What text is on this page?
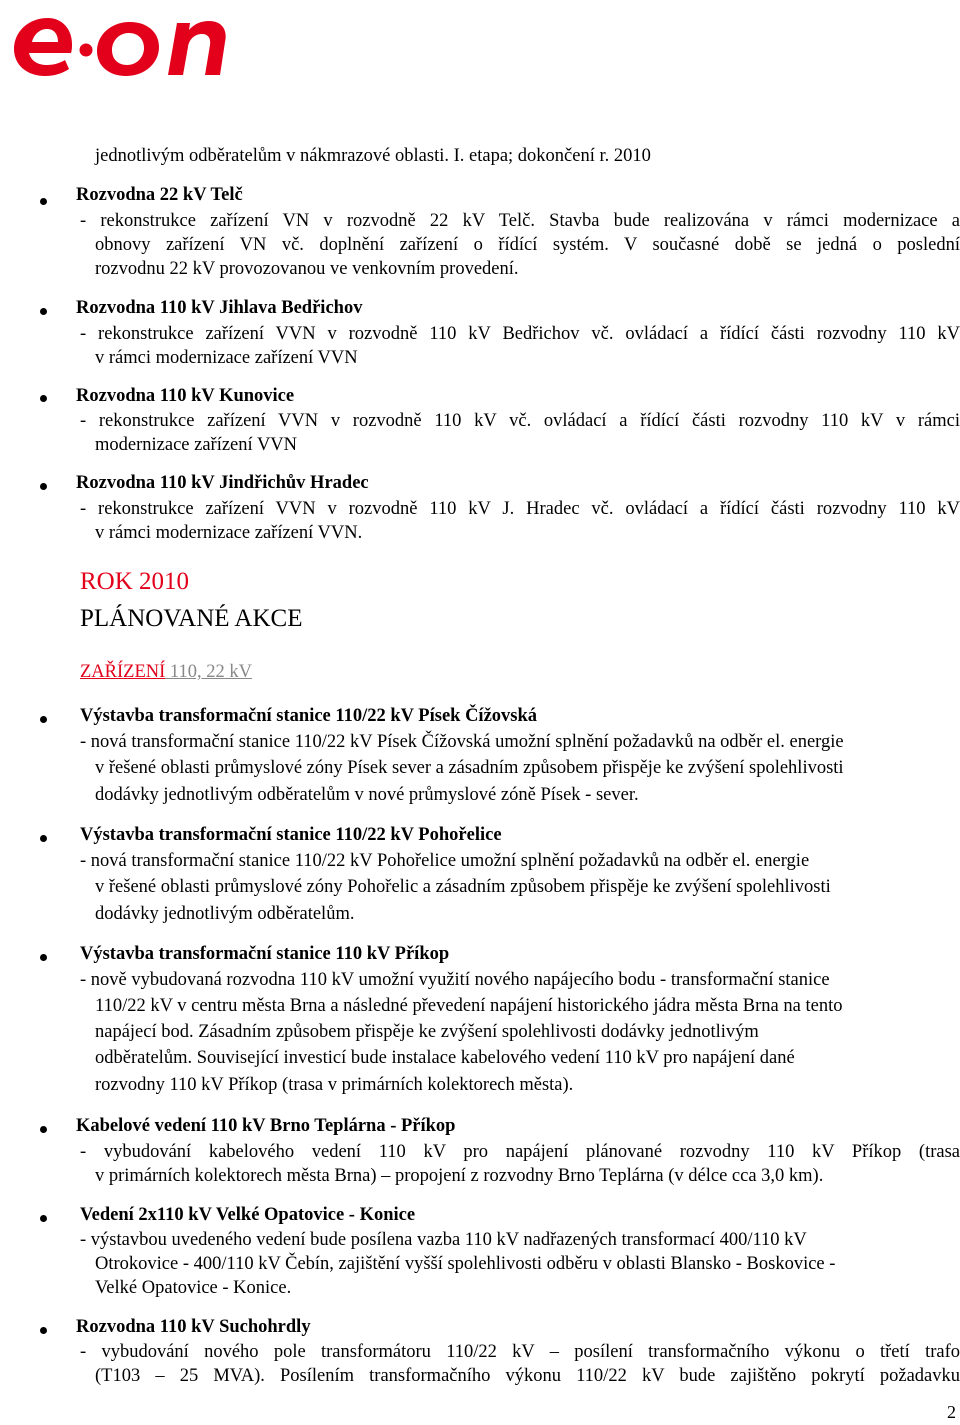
jednotlivým odběratelům v nákmrazové oblasti. I. etapa; dokončení r. 2010
Rozvodna 22 kV Telč
- rekonstrukce zařízení VN v rozvodně 22 kV Telč. Stavba bude realizována v rámci modernizace a
obnovy zařízení VN vč. doplnění zařízení o řídící systém. V současné době se jedná o poslední
rozvodnu 22 kV provozovanou ve venkovním provedení.
Rozvodna 110 kV Jihlava Bedřichov
- rekonstrukce zařízení VVN v rozvodně 110 kV Bedřichov vč. ovládací a řídící části rozvodny 110 kV
v rámci modernizace zařízení VVN
Rozvodna 110 kV Kunovice
- rekonstrukce zařízení VVN v rozvodně 110 kV vč. ovládací a řídící části rozvodny 110 kV v rámci
modernizace zařízení VVN
Rozvodna 110 kV Jindřichův Hradec
- rekonstrukce zařízení VVN v rozvodně 110 kV J. Hradec vč. ovládací a řídící části rozvodny 110 kV
v rámci modernizace zařízení VVN.
ROK 2010
PLÁNOVANÉ AKCE
ZAŘÍZENÍ 110, 22 kV
Výstavba transformační stanice 110/22 kV Písek Čížovská
- nová transformační stanice 110/22 kV Písek Čížovská umožní splnění požadavků na odběr el. energie
v řešené oblasti průmyslové zóny Písek sever a zásadním způsobem přispěje ke zvýšení spolehlivosti
dodávky jednotlivým odběratelům v nové průmyslové zóně Písek - sever.
Výstavba transformační stanice 110/22 kV Pohořelice
- nová transformační stanice 110/22 kV Pohořelice umožní splnění požadavků na odběr el. energie
v řešené oblasti průmyslové zóny Pohořelic a zásadním způsobem přispěje ke zvýšení spolehlivosti
dodávky jednotlivým odběratelům.
Výstavba transformační stanice 110 kV Příkop
- nově vybudovaná rozvodna 110 kV umožní využití nového napájecího bodu - transformační stanice
110/22 kV v centru města Brna a následné převedení napájení historického jádra města Brna na tento
napájecí bod. Zásadním způsobem přispěje ke zvýšení spolehlivosti dodávky jednotlivým
odběratelům. Související investicí bude instalace kabelového vedení 110 kV pro napájení dané
rozvodny 110 kV Příkop (trasa v primárních kolektorech města).
Kabelové vedení 110 kV Brno Teplárna - Příkop
- vybudování kabelového vedení 110 kV pro napájení plánované rozvodny 110 kV Příkop (trasa
v primárních kolektorech města Brna) – propojení z rozvodny Brno Teplárna (v délce cca 3,0 km).
Vedení 2x110 kV Velké Opatovice - Konice
- výstavbou uvedeného vedení bude posílena vazba 110 kV nadřazených transformací 400/110 kV
Otrokovice - 400/110 kV Čebín, zajištění vyšší spolehlivosti odběru v oblasti Blansko - Boskovice -
Velké Opatovice - Konice.
Rozvodna 110 kV Suchohrdly
- vybudování nového pole transformátoru 110/22 kV – posílení transformačního výkonu o třetí trafo
(T103 – 25 MVA). Posílením transformačního výkonu 110/22 kV bude zajištěno pokrytí požadavku
2
